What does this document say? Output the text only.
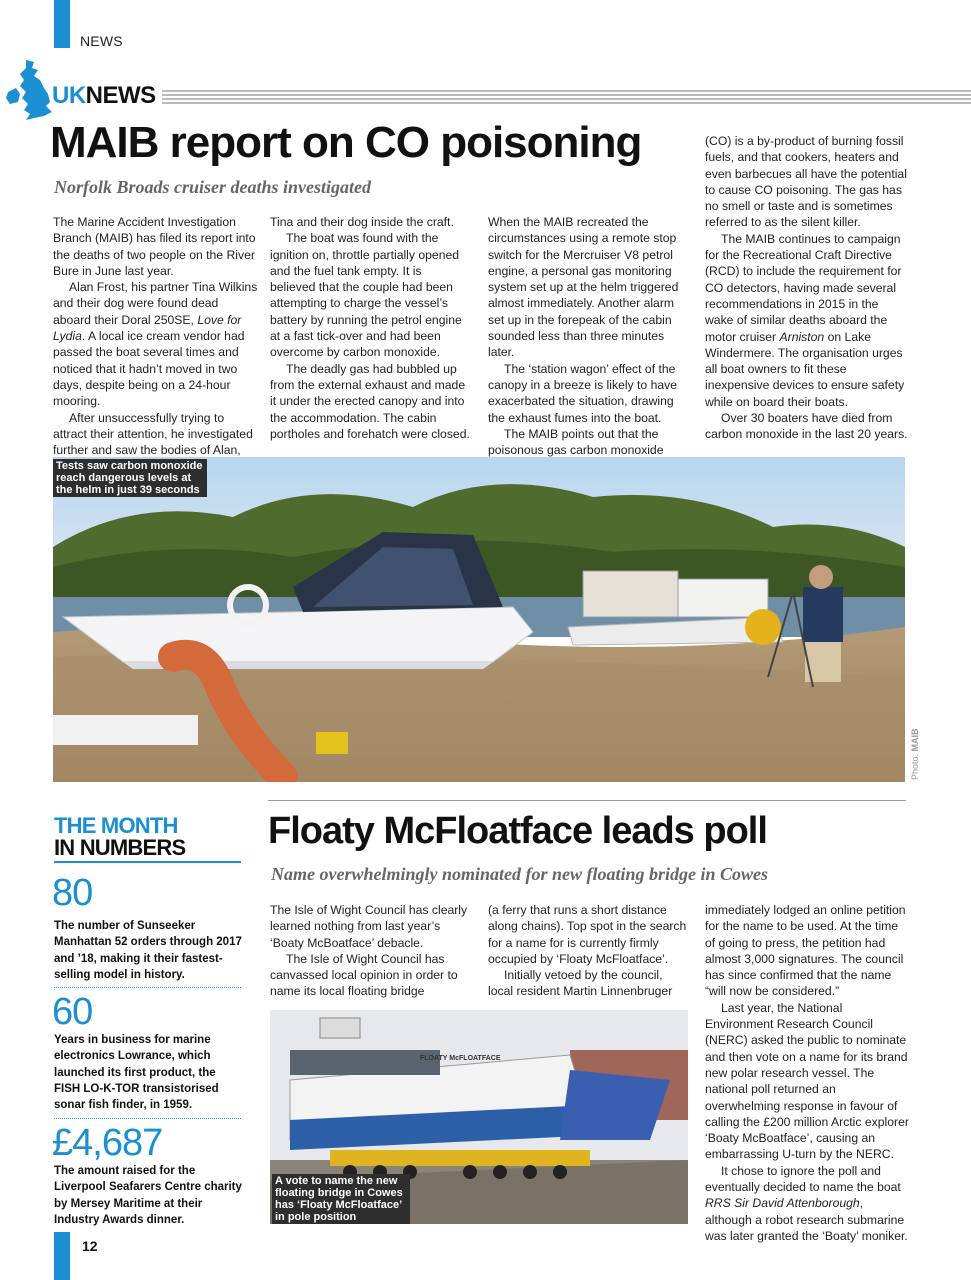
NEWS
UKNEWS
MAIB report on CO poisoning
Norfolk Broads cruiser deaths investigated

The Marine Accident Investigation Branch (MAIB) has filed its report into the deaths of two people on the River Bure in June last year.

Alan Frost, his partner Tina Wilkins and their dog were found dead aboard their Doral 250SE, Love for Lydia. A local ice cream vendor had passed the boat several times and noticed that it hadn’t moved in two days, despite being on a 24-hour mooring.

After unsuccessfully trying to attract their attention, he investigated further and saw the bodies of Alan,

Tina and their dog inside the craft.

The boat was found with the ignition on, throttle partially opened and the fuel tank empty. It is believed that the couple had been attempting to charge the vessel’s battery by running the petrol engine at a fast tick-over and had been overcome by carbon monoxide.

The deadly gas had bubbled up from the external exhaust and made it under the erected canopy and into the accommodation. The cabin portholes and forehatch were closed.

When the MAIB recreated the circumstances using a remote stop switch for the Mercruiser V8 petrol engine, a personal gas monitoring system set up at the helm triggered almost immediately. Another alarm set up in the forepeak of the cabin sounded less than three minutes later.

The ‘station wagon’ effect of the canopy in a breeze is likely to have exacerbated the situation, drawing the exhaust fumes into the boat.

The MAIB points out that the poisonous gas carbon monoxide

(CO) is a by-product of burning fossil fuels, and that cookers, heaters and even barbecues all have the potential to cause CO poisoning. The gas has no smell or taste and is sometimes referred to as the silent killer.

The MAIB continues to campaign for the Recreational Craft Directive (RCD) to include the requirement for CO detectors, having made several recommendations in 2015 in the wake of similar deaths aboard the motor cruiser Arniston on Lake Windermere. The organisation urges all boat owners to fit these inexpensive devices to ensure safety while on board their boats.

Over 30 boaters have died from carbon monoxide in the last 20 years.

Tests saw carbon monoxide reach dangerous levels at the helm in just 39 seconds
Photo: MAIB
THE MONTH
IN NUMBERS
80
The number of Sunseeker Manhattan 52 orders through 2017 and ’18, making it their fastest-selling model in history.
60
Years in business for marine electronics Lowrance, which launched its first product, the FISH LO-K-TOR transistorised sonar fish finder, in 1959.
£4,687
The amount raised for the Liverpool Seafarers Centre charity by Mersey Maritime at their Industry Awards dinner.
Floaty McFloatface leads poll
Name overwhelmingly nominated for new floating bridge in Cowes

The Isle of Wight Council has clearly learned nothing from last year’s ‘Boaty McBoatface’ debacle.

The Isle of Wight Council has canvassed local opinion in order to name its local floating bridge

(a ferry that runs a short distance along chains). Top spot in the search for a name for is currently firmly occupied by ‘Floaty McFloatface’.

Initially vetoed by the council, local resident Martin Linnenbruger

immediately lodged an online petition for the name to be used. At the time of going to press, the petition had almost 3,000 signatures. The council has since confirmed that the name “will now be considered.”

Last year, the National Environment Research Council (NERC) asked the public to nominate and then vote on a name for its brand new polar research vessel. The national poll returned an overwhelming response in favour of calling the £200 million Arctic explorer ‘Boaty McBoatface’, causing an embarrassing U-turn by the NERC.

It chose to ignore the poll and eventually decided to name the boat RRS Sir David Attenborough, although a robot research submarine was later granted the ‘Boaty’ moniker.

FLOATY McFLOATFACE
A vote to name the new floating bridge in Cowes has ‘Floaty McFloatface’ in pole position
12
